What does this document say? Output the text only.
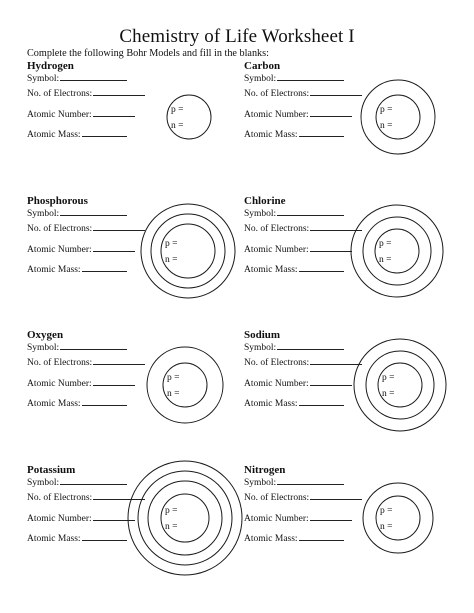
Chemistry of Life Worksheet I
Complete the following Bohr Models and fill in the blanks:
Hydrogen
Symbol:
No. of Electrons:
Atomic Number:
Atomic Mass:
Carbon
Symbol:
No. of Electrons:
Atomic Number:
Atomic Mass:
Phosphorous
Symbol:
No. of Electrons:
Atomic Number:
Atomic Mass:
Chlorine
Symbol:
No. of Electrons:
Atomic Number:
Atomic Mass:
Oxygen
Symbol:
No. of Electrons:
Atomic Number:
Atomic Mass:
Sodium
Symbol:
No. of Electrons:
Atomic Number:
Atomic Mass:
Potassium
Symbol:
No. of Electrons:
Atomic Number:
Atomic Mass:
Nitrogen
Symbol:
No. of Electrons:
Atomic Number:
Atomic Mass:
p =
n =
p =
n =
p =
n =
p =
n =
p =
n =
p =
n =
p =
n =
p =
n =
